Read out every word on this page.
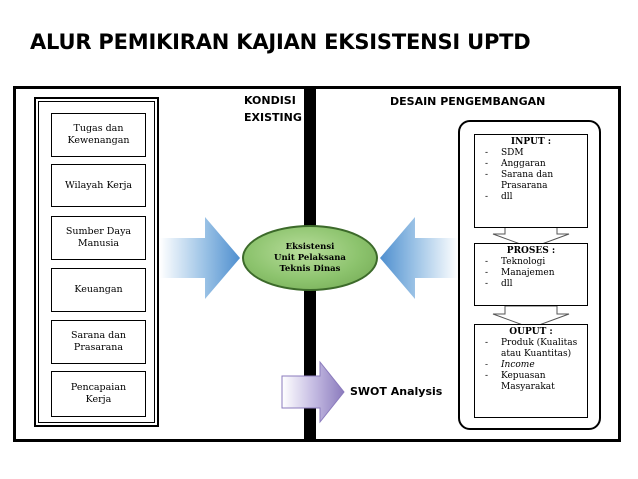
ALUR PEMIKIRAN KAJIAN EKSISTENSI UPTD
Tugas dan
Kewenangan
Wilayah Kerja
Sumber Daya
Manusia
Keuangan
Sarana dan
Prasarana
Pencapaian
Kerja
KONDISI
EXISTING
DESAIN PENGEMBANGAN
Eksistensi
Unit Pelaksana
Teknis Dinas
INPUT :
- SDM
- Anggaran
- Sarana dan Prasarana
- dll
PROSES :
- Teknologi
- Manajemen
- dll
OUPUT :
- Produk (Kualitas atau Kuantitas)
- Income
- Kepuasan Masyarakat
SWOT Analysis
